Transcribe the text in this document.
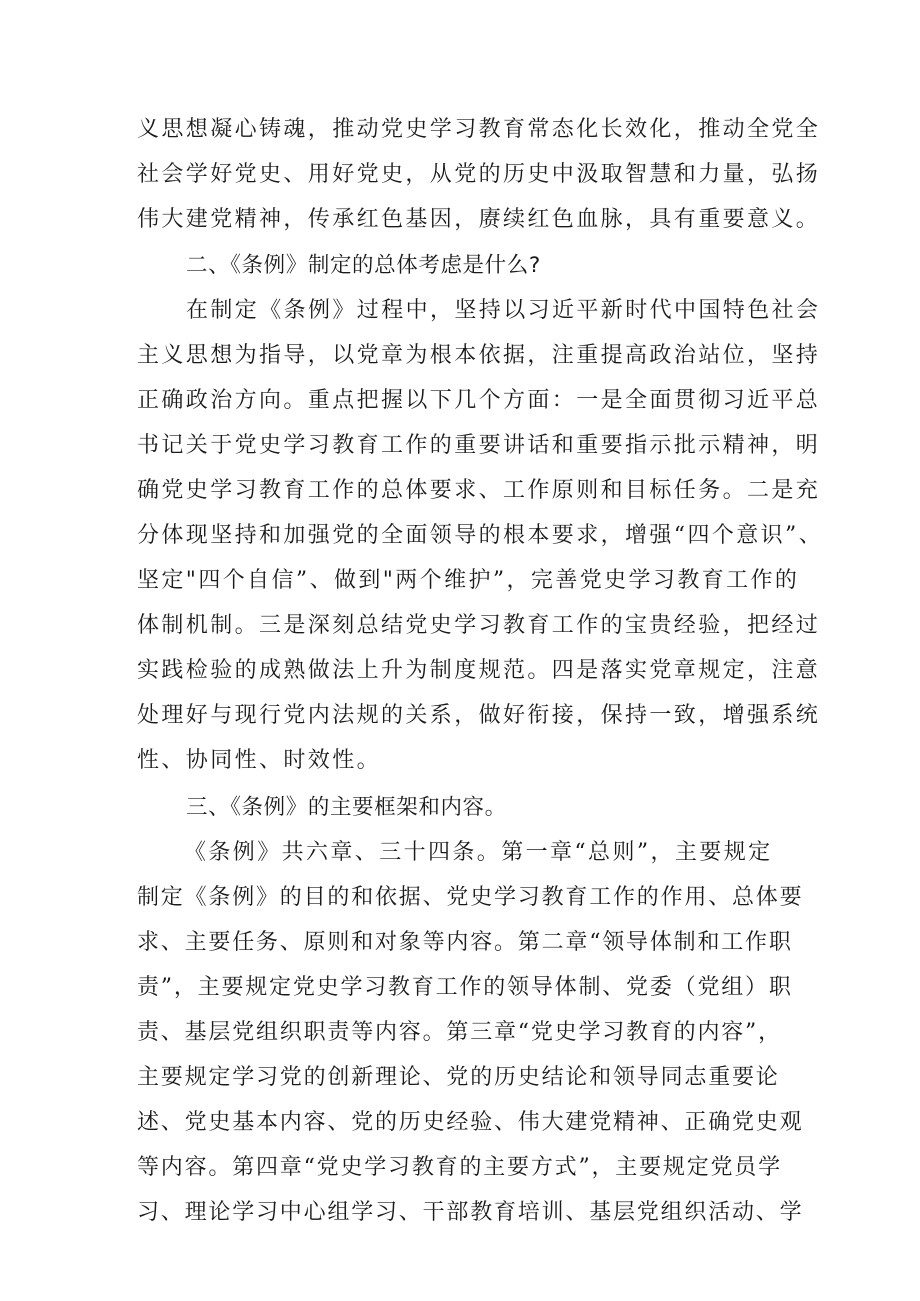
义思想凝心铸魂，推动党史学习教育常态化长效化，推动全党全
社会学好党史、用好党史，从党的历史中汲取智慧和力量，弘扬
伟大建党精神，传承红色基因，赓续红色血脉，具有重要意义。
二、《条例》制定的总体考虑是什么?
在制定《条例》过程中，坚持以习近平新时代中国特色社会
主义思想为指导，以党章为根本依据，注重提高政治站位，坚持
正确政治方向。重点把握以下几个方面：一是全面贯彻习近平总
书记关于党史学习教育工作的重要讲话和重要指示批示精神，明
确党史学习教育工作的总体要求、工作原则和目标任务。二是充
分体现坚持和加强党的全面领导的根本要求，增强“四个意识”、
坚定"四个自信”、做到"两个维护”，完善党史学习教育工作的
体制机制。三是深刻总结党史学习教育工作的宝贵经验，把经过
实践检验的成熟做法上升为制度规范。四是落实党章规定，注意
处理好与现行党内法规的关系，做好衔接，保持一致，增强系统
性、协同性、时效性。
三、《条例》的主要框架和内容。
《条例》共六章、三十四条。第一章“总则”，主要规定
制定《条例》的目的和依据、党史学习教育工作的作用、总体要
求、主要任务、原则和对象等内容。第二章“领导体制和工作职
责”，主要规定党史学习教育工作的领导体制、党委（党组）职
责、基层党组织职责等内容。第三章“党史学习教育的内容”，
主要规定学习党的创新理论、党的历史结论和领导同志重要论
述、党史基本内容、党的历史经验、伟大建党精神、正确党史观
等内容。第四章“党史学习教育的主要方式”，主要规定党员学
习、理论学习中心组学习、干部教育培训、基层党组织活动、学
